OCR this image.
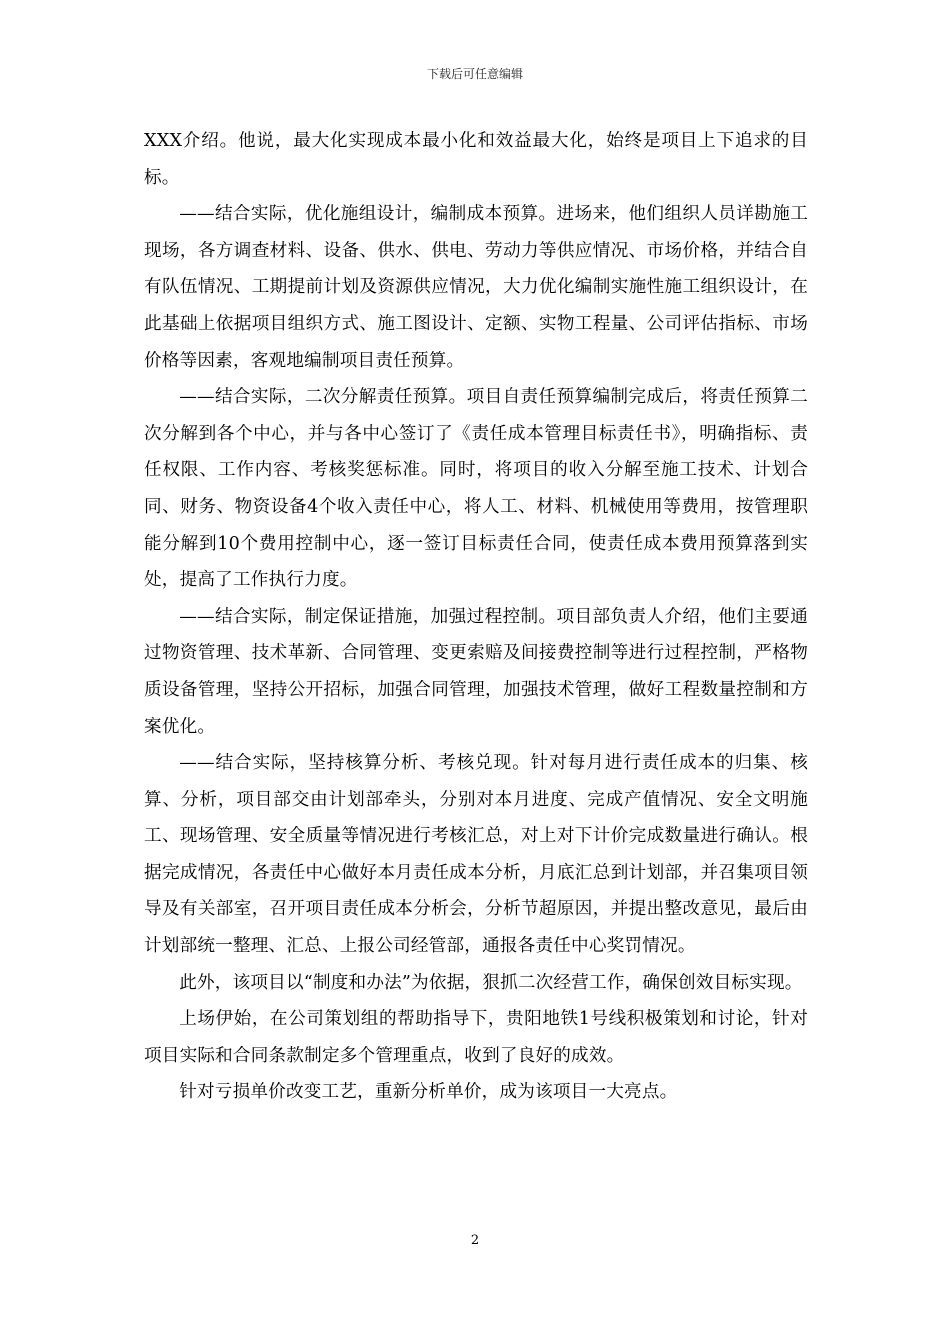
下载后可任意编辑

XXX介绍。他说，最大化实现成本最小化和效益最大化，始终是项目上下追求的目标。

——结合实际，优化施组设计，编制成本预算。进场来，他们组织人员详勘施工现场，各方调查材料、设备、供水、供电、劳动力等供应情况、市场价格，并结合自有队伍情况、工期提前计划及资源供应情况，大力优化编制实施性施工组织设计，在此基础上依据项目组织方式、施工图设计、定额、实物工程量、公司评估指标、市场价格等因素，客观地编制项目责任预算。

——结合实际，二次分解责任预算。项目自责任预算编制完成后，将责任预算二次分解到各个中心，并与各中心签订了《责任成本管理目标责任书》，明确指标、责任权限、工作内容、考核奖惩标准。同时，将项目的收入分解至施工技术、计划合同、财务、物资设备4个收入责任中心，将人工、材料、机械使用等费用，按管理职能分解到10个费用控制中心，逐一签订目标责任合同，使责任成本费用预算落到实处，提高了工作执行力度。

——结合实际，制定保证措施，加强过程控制。项目部负责人介绍，他们主要通过物资管理、技术革新、合同管理、变更索赔及间接费控制等进行过程控制，严格物质设备管理，坚持公开招标，加强合同管理，加强技术管理，做好工程数量控制和方案优化。

——结合实际，坚持核算分析、考核兑现。针对每月进行责任成本的归集、核算、分析，项目部交由计划部牵头，分别对本月进度、完成产值情况、安全文明施工、现场管理、安全质量等情况进行考核汇总，对上对下计价完成数量进行确认。根据完成情况，各责任中心做好本月责任成本分析，月底汇总到计划部，并召集项目领导及有关部室，召开项目责任成本分析会，分析节超原因，并提出整改意见，最后由计划部统一整理、汇总、上报公司经管部，通报各责任中心奖罚情况。

此外，该项目以“制度和办法”为依据，狠抓二次经营工作，确保创效目标实现。

上场伊始，在公司策划组的帮助指导下，贵阳地铁1号线积极策划和讨论，针对项目实际和合同条款制定多个管理重点，收到了良好的成效。

针对亏损单价改变工艺，重新分析单价，成为该项目一大亮点。

2
